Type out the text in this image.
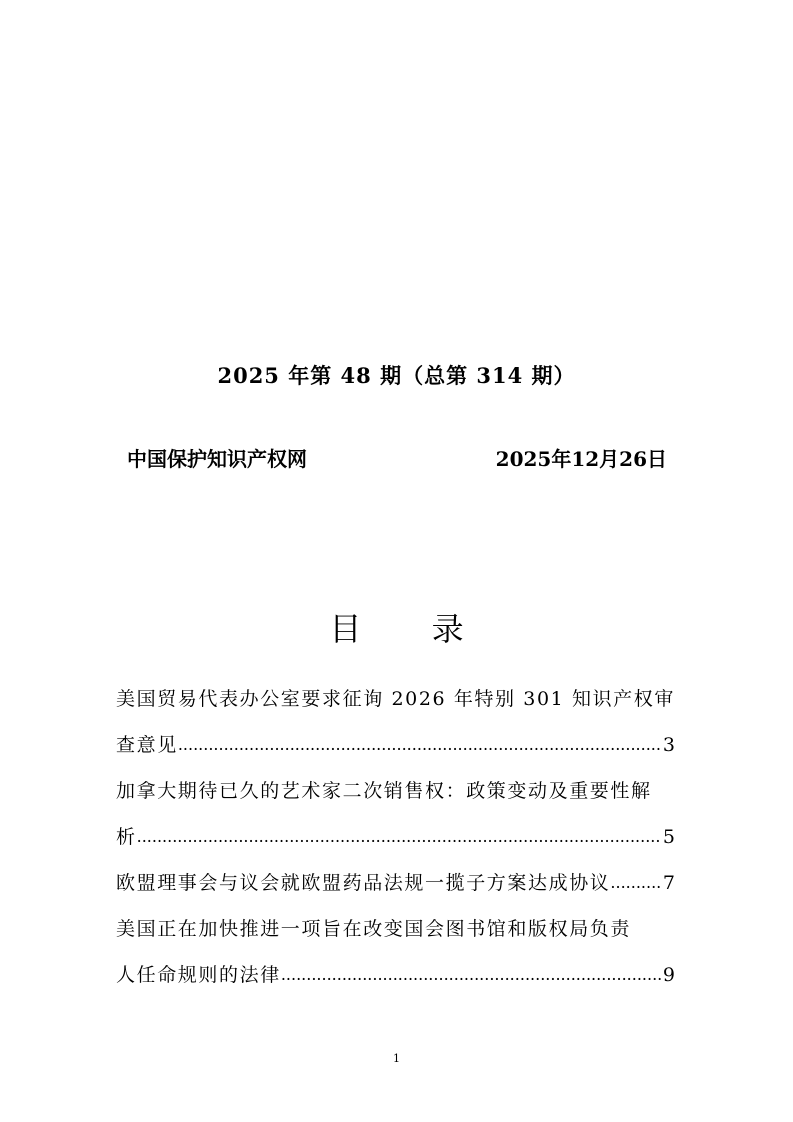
2025 年第 48 期（总第 314 期）
中国保护知识产权网	2025年12月26日
目 录
美国贸易代表办公室要求征询 2026 年特别 301 知识产权审
查意见 .....	3
加拿大期待已久的艺术家二次销售权：政策变动及重要性解
析 .....	5
欧盟理事会与议会就欧盟药品法规一揽子方案达成协议 .....	7
美国正在加快推进一项旨在改变国会图书馆和版权局负责
人任命规则的法律 .....	9
1
